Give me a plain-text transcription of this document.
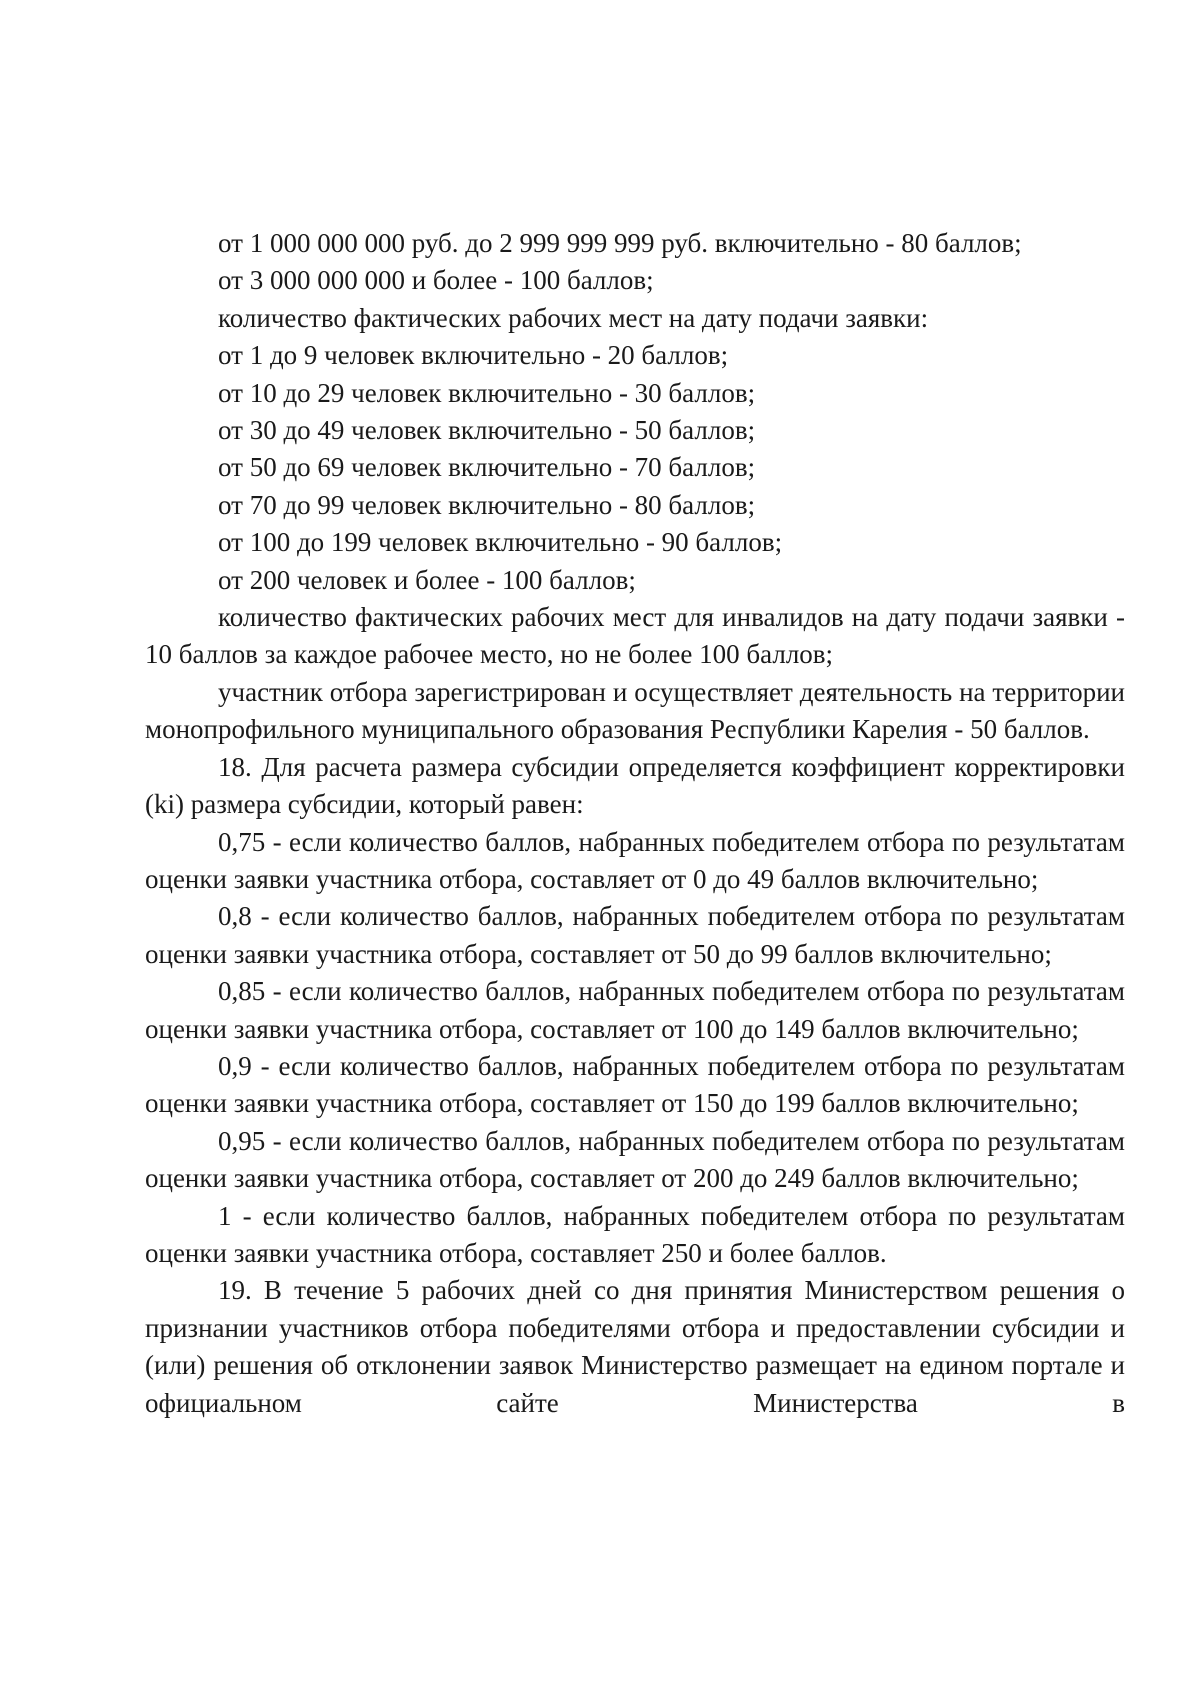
от 1 000 000 000 руб. до 2 999 999 999 руб. включительно - 80 баллов;

от 3 000 000 000 и более - 100 баллов;

количество фактических рабочих мест на дату подачи заявки:

от 1 до 9 человек включительно - 20 баллов;

от 10 до 29 человек включительно - 30 баллов;

от 30 до 49 человек включительно - 50 баллов;

от 50 до 69 человек включительно - 70 баллов;

от 70 до 99 человек включительно - 80 баллов;

от 100 до 199 человек включительно - 90 баллов;

от 200 человек и более - 100 баллов;

количество фактических рабочих мест для инвалидов на дату подачи заявки - 10 баллов за каждое рабочее место, но не более 100 баллов;

участник отбора зарегистрирован и осуществляет деятельность на территории монопрофильного муниципального образования Республики Карелия - 50 баллов.

18. Для расчета размера субсидии определяется коэффициент корректировки (ki) размера субсидии, который равен:

0,75 - если количество баллов, набранных победителем отбора по результатам оценки заявки участника отбора, составляет от 0 до 49 баллов включительно;

0,8 - если количество баллов, набранных победителем отбора по результатам оценки заявки участника отбора, составляет от 50 до 99 баллов включительно;

0,85 - если количество баллов, набранных победителем отбора по результатам оценки заявки участника отбора, составляет от 100 до 149 баллов включительно;

0,9 - если количество баллов, набранных победителем отбора по результатам оценки заявки участника отбора, составляет от 150 до 199 баллов включительно;

0,95 - если количество баллов, набранных победителем отбора по результатам оценки заявки участника отбора, составляет от 200 до 249 баллов включительно;

1 - если количество баллов, набранных победителем отбора по результатам оценки заявки участника отбора, составляет 250 и более баллов.

19. В течение 5 рабочих дней со дня принятия Министерством решения о признании участников отбора победителями отбора и предоставлении субсидии и (или) решения об отклонении заявок Министерство размещает на едином портале и официальном сайте Министерства в
